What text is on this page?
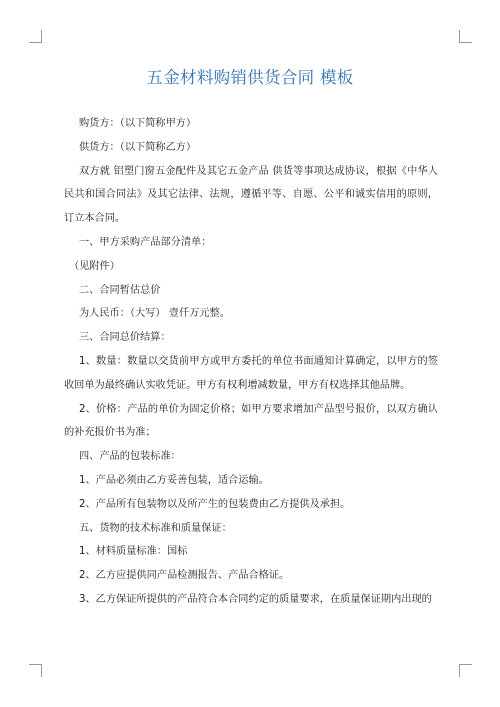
五金材料购销供货合同 模板

购货方：（以下简称甲方）

供货方：（以下简称乙方）

双方就 铝塑门窗五金配件及其它五金产品 供货等事项达成协议，根据《中华人民共和国合同法》及其它法律、法规，遵循平等、自愿、公平和诚实信用的原则，订立本合同。

一、甲方采购产品部分清单：

（见附件）

二、合同暂估总价

为人民币：（大写） 壹仟万元整。

三、合同总价结算：

1、数量：数量以交货前甲方或甲方委托的单位书面通知计算确定，以甲方的签收回单为最终确认实收凭证。甲方有权利增减数量，甲方有权选择其他品牌。

2、价格：产品的单价为固定价格；如甲方要求增加产品型号报价，以双方确认的补充报价书为准；

四、产品的包装标准：

1、产品必须由乙方妥善包装，适合运输。

2、产品所有包装物以及所产生的包装费由乙方提供及承担。

五、货物的技术标准和质量保证：

1、材料质量标准：国标

2、乙方应提供同产品检测报告、产品合格证。

3、乙方保证所提供的产品符合本合同约定的质量要求，在质量保证期内出现的
